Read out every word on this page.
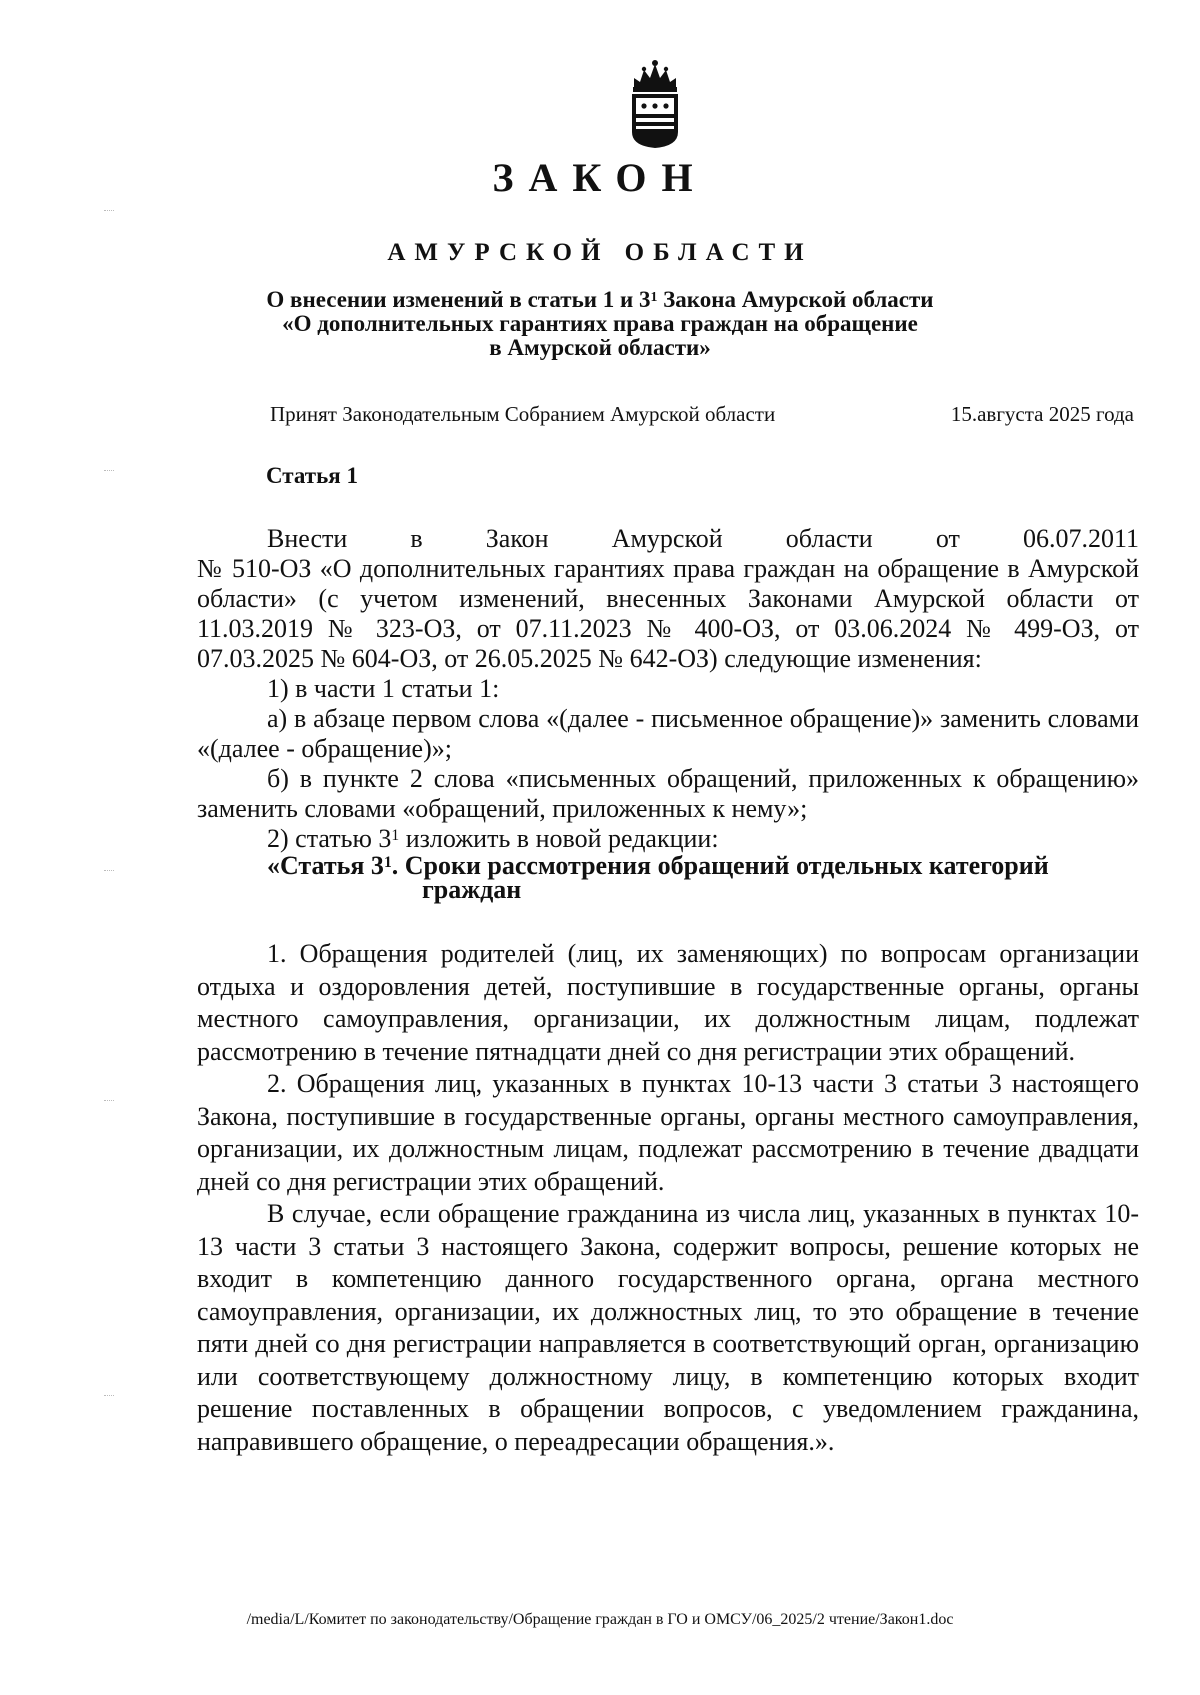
ЗАКОН
АМУРСКОЙ ОБЛАСТИ
О внесении изменений в статьи 1 и $3^1$ Закона Амурской области
«О дополнительных гарантиях права граждан на обращение
в Амурской области»
Принят Законодательным Собранием Амурской области	15.августа 2025 года
Статья 1
Внести в Закон Амурской области от 06.07.2011
№ 510-ОЗ «О дополнительных гарантиях права граждан на обращение в Амурской области» (с учетом изменений, внесенных Законами Амурской области от 11.03.2019 № 323-ОЗ, от 07.11.2023 № 400-ОЗ, от 03.06.2024 № 499-ОЗ, от 07.03.2025 № 604-ОЗ, от 26.05.2025 № 642-ОЗ) следующие изменения:
1) в части 1 статьи 1:
а) в абзаце первом слова «(далее - письменное обращение)» заменить словами «(далее - обращение)»;
б) в пункте 2 слова «письменных обращений, приложенных к обращению» заменить словами «обращений, приложенных к нему»;
2) статью $3^1$ изложить в новой редакции:
«Статья $3^1$. Сроки рассмотрения обращений отдельных категорий
граждан
1. Обращения родителей (лиц, их заменяющих) по вопросам организации отдыха и оздоровления детей, поступившие в государственные органы, органы местного самоуправления, организации, их должностным лицам, подлежат рассмотрению в течение пятнадцати дней со дня регистрации этих обращений.
2. Обращения лиц, указанных в пунктах 10-13 части 3 статьи 3 настоящего Закона, поступившие в государственные органы, органы местного самоуправления, организации, их должностным лицам, подлежат рассмотрению в течение двадцати дней со дня регистрации этих обращений.
В случае, если обращение гражданина из числа лиц, указанных в пунктах 10-13 части 3 статьи 3 настоящего Закона, содержит вопросы, решение которых не входит в компетенцию данного государственного органа, органа местного самоуправления, организации, их должностных лиц, то это обращение в течение пяти дней со дня регистрации направляется в соответствующий орган, организацию или соответствующему должностному лицу, в компетенцию которых входит решение поставленных в обращении вопросов, с уведомлением гражданина, направившего обращение, о переадресации обращения.».
/media/L/Комитет по законодательству/Обращение граждан в ГО и ОМСУ/06_2025/2 чтение/Закон1.doc
